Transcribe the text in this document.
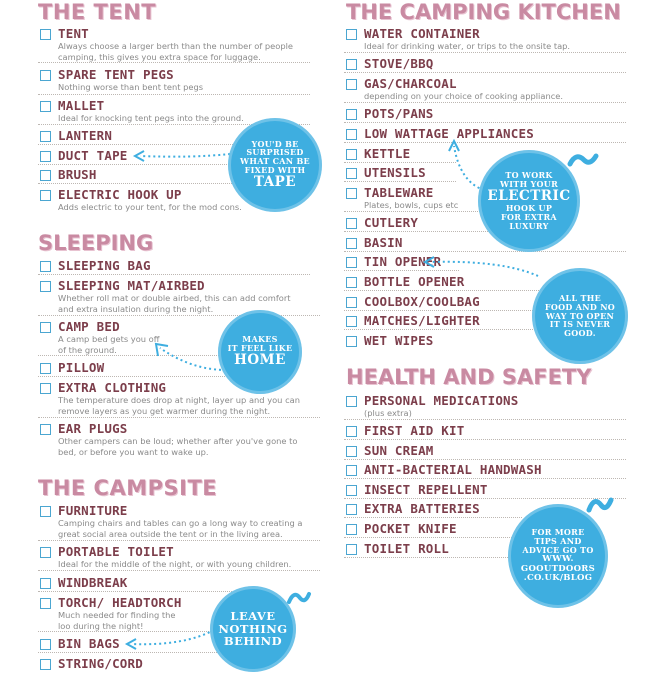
THE TENT
TENT
Always choose a larger berth than the number of people
camping, this gives you extra space for luggage.
SPARE TENT PEGS
Nothing worse than bent tent pegs
MALLET
Ideal for knocking tent pegs into the ground.
LANTERN
DUCT TAPE
BRUSH
ELECTRIC HOOK UP
Adds electric to your tent, for the mod cons.
SLEEPING
SLEEPING BAG
SLEEPING MAT/AIRBED
Whether roll mat or double airbed, this can add comfort
and extra insulation during the night.
CAMP BED
A camp bed gets you off
of the ground.
PILLOW
EXTRA CLOTHING
The temperature does drop at night, layer up and you can
remove layers as you get warmer during the night.
EAR PLUGS
Other campers can be loud; whether after you've gone to
bed, or before you want to wake up.
THE CAMPSITE
FURNITURE
Camping chairs and tables can go a long way to creating a
great social area outside the tent or in the living area.
PORTABLE TOILET
Ideal for the middle of the night, or with young children.
WINDBREAK
TORCH/ HEADTORCH
Much needed for finding the
loo during the night!
BIN BAGS
STRING/CORD
THE CAMPING KITCHEN
WATER CONTAINER
Ideal for drinking water, or trips to the onsite tap.
STOVE/BBQ
GAS/CHARCOAL
depending on your choice of cooking appliance.
POTS/PANS
LOW WATTAGE APPLIANCES
KETTLE
UTENSILS
TABLEWARE
Plates, bowls, cups etc
CUTLERY
BASIN
TIN OPENER
BOTTLE OPENER
COOLBOX/COOLBAG
MATCHES/LIGHTER
WET WIPES
HEALTH AND SAFETY
PERSONAL MEDICATIONS
(plus extra)
FIRST AID KIT
SUN CREAM
ANTI-BACTERIAL HANDWASH
INSECT REPELLENT
EXTRA BATTERIES
POCKET KNIFE
TOILET ROLL
YOU'D BE
SURPRISED
WHAT CAN BE
FIXED WITH
TAPE	TO WORK
WITH YOUR
ELECTRIC
HOOK UP
FOR EXTRA
LUXURY
MAKES
IT FEEL LIKE
HOME
ALL THE
FOOD AND NO
WAY TO OPEN
IT IS NEVER
GOOD.
LEAVE
NOTHING
BEHIND
FOR MORE
TIPS AND
ADVICE GO TO
WWW.
GOOUTDOORS
.CO.UK/BLOG
